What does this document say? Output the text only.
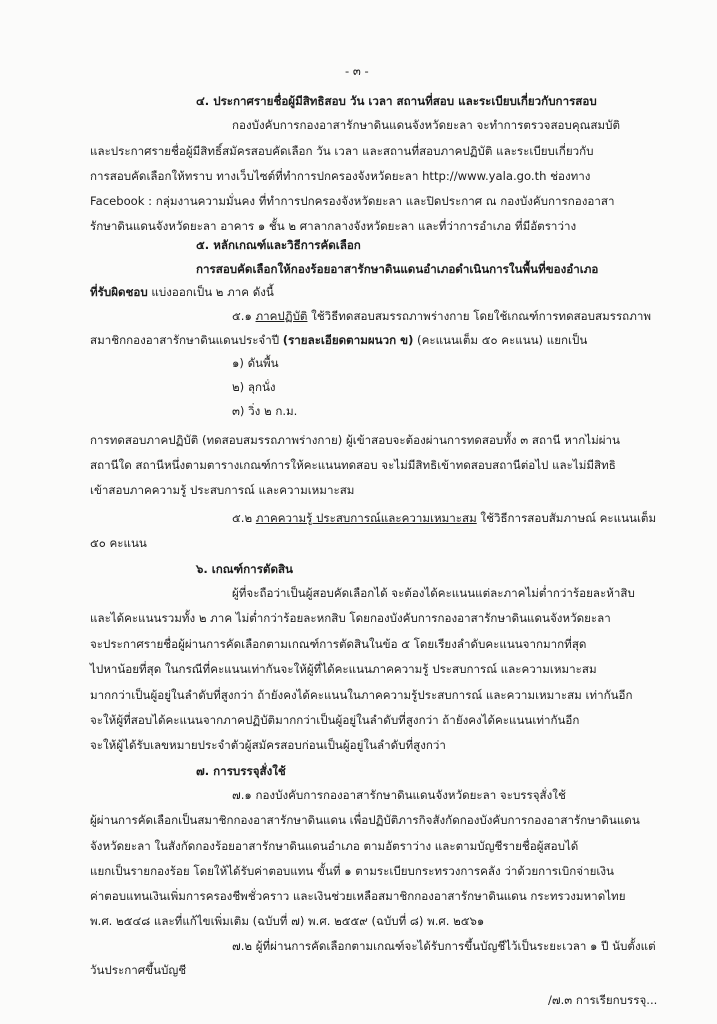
- ๓ -
๔. ประกาศรายชื่อผู้มีสิทธิสอบ วัน เวลา สถานที่สอบ และระเบียบเกี่ยวกับการสอบ
กองบังคับการกองอาสารักษาดินแดนจังหวัดยะลา จะทำการตรวจสอบคุณสมบัติ
และประกาศรายชื่อผู้มีสิทธิ์สมัครสอบคัดเลือก วัน เวลา และสถานที่สอบภาคปฏิบัติ และระเบียบเกี่ยวกับ
การสอบคัดเลือกให้ทราบ ทางเว็บไซต์ที่ทำการปกครองจังหวัดยะลา http://www.yala.go.th ช่องทาง
Facebook : กลุ่มงานความมั่นคง ที่ทำการปกครองจังหวัดยะลา และปิดประกาศ ณ กองบังคับการกองอาสา
รักษาดินแดนจังหวัดยะลา อาคาร ๑ ชั้น ๒ ศาลากลางจังหวัดยะลา และที่ว่าการอำเภอ ที่มีอัตราว่าง
๕. หลักเกณฑ์และวิธีการคัดเลือก
การสอบคัดเลือกให้กองร้อยอาสารักษาดินแดนอำเภอดำเนินการในพื้นที่ของอำเภอ
ที่รับผิดชอบ แบ่งออกเป็น ๒ ภาค ดังนี้
๕.๑ ภาคปฏิบัติ ใช้วิธีทดสอบสมรรถภาพร่างกาย โดยใช้เกณฑ์การทดสอบสมรรถภาพ
สมาชิกกองอาสารักษาดินแดนประจำปี (รายละเอียดตามผนวก ข) (คะแนนเต็ม ๕๐ คะแนน) แยกเป็น
๑) ดันพื้น
๒) ลุกนั่ง
๓) วิ่ง ๒ ก.ม.
การทดสอบภาคปฏิบัติ (ทดสอบสมรรถภาพร่างกาย) ผู้เข้าสอบจะต้องผ่านการทดสอบทั้ง ๓ สถานี หากไม่ผ่าน
สถานีใด สถานีหนึ่งตามตารางเกณฑ์การให้คะแนนทดสอบ จะไม่มีสิทธิเข้าทดสอบสถานีต่อไป และไม่มีสิทธิ
เข้าสอบภาคความรู้ ประสบการณ์ และความเหมาะสม
๕.๒ ภาคความรู้ ประสบการณ์และความเหมาะสม ใช้วิธีการสอบสัมภาษณ์ คะแนนเต็ม
๕๐ คะแนน
๖. เกณฑ์การตัดสิน
ผู้ที่จะถือว่าเป็นผู้สอบคัดเลือกได้ จะต้องได้คะแนนแต่ละภาคไม่ต่ำกว่าร้อยละห้าสิบ
และได้คะแนนรวมทั้ง ๒ ภาค ไม่ต่ำกว่าร้อยละหกสิบ โดยกองบังคับการกองอาสารักษาดินแดนจังหวัดยะลา
จะประกาศรายชื่อผู้ผ่านการคัดเลือกตามเกณฑ์การตัดสินในข้อ ๕ โดยเรียงลำดับคะแนนจากมากที่สุด
ไปหาน้อยที่สุด ในกรณีที่คะแนนเท่ากันจะให้ผู้ที่ได้คะแนนภาคความรู้ ประสบการณ์ และความเหมาะสม
มากกว่าเป็นผู้อยู่ในลำดับที่สูงกว่า ถ้ายังคงได้คะแนนในภาคความรู้ประสบการณ์ และความเหมาะสม เท่ากันอีก
จะให้ผู้ที่สอบได้คะแนนจากภาคปฏิบัติมากกว่าเป็นผู้อยู่ในลำดับที่สูงกว่า ถ้ายังคงได้คะแนนเท่ากันอีก
จะให้ผู้ได้รับเลขหมายประจำตัวผู้สมัครสอบก่อนเป็นผู้อยู่ในลำดับที่สูงกว่า
๗. การบรรจุสั่งใช้
๗.๑ กองบังคับการกองอาสารักษาดินแดนจังหวัดยะลา จะบรรจุสั่งใช้
ผู้ผ่านการคัดเลือกเป็นสมาชิกกองอาสารักษาดินแดน เพื่อปฏิบัติภารกิจสังกัดกองบังคับการกองอาสารักษาดินแดน
จังหวัดยะลา ในสังกัดกองร้อยอาสารักษาดินแดนอำเภอ ตามอัตราว่าง และตามบัญชีรายชื่อผู้สอบได้
แยกเป็นรายกองร้อย โดยให้ได้รับค่าตอบแทน ขั้นที่ ๑ ตามระเบียบกระทรวงการคลัง ว่าด้วยการเบิกจ่ายเงิน
ค่าตอบแทนเงินเพิ่มการครองชีพชั่วคราว และเงินช่วยเหลือสมาชิกกองอาสารักษาดินแดน กระทรวงมหาดไทย
พ.ศ. ๒๕๔๘ และที่แก้ไขเพิ่มเติม (ฉบับที่ ๗) พ.ศ. ๒๕๕๙ (ฉบับที่ ๘) พ.ศ. ๒๕๖๑
๗.๒ ผู้ที่ผ่านการคัดเลือกตามเกณฑ์จะได้รับการขึ้นบัญชีไว้เป็นระยะเวลา ๑ ปี นับตั้งแต่
วันประกาศขึ้นบัญชี
/๗.๓ การเรียกบรรจุ...
